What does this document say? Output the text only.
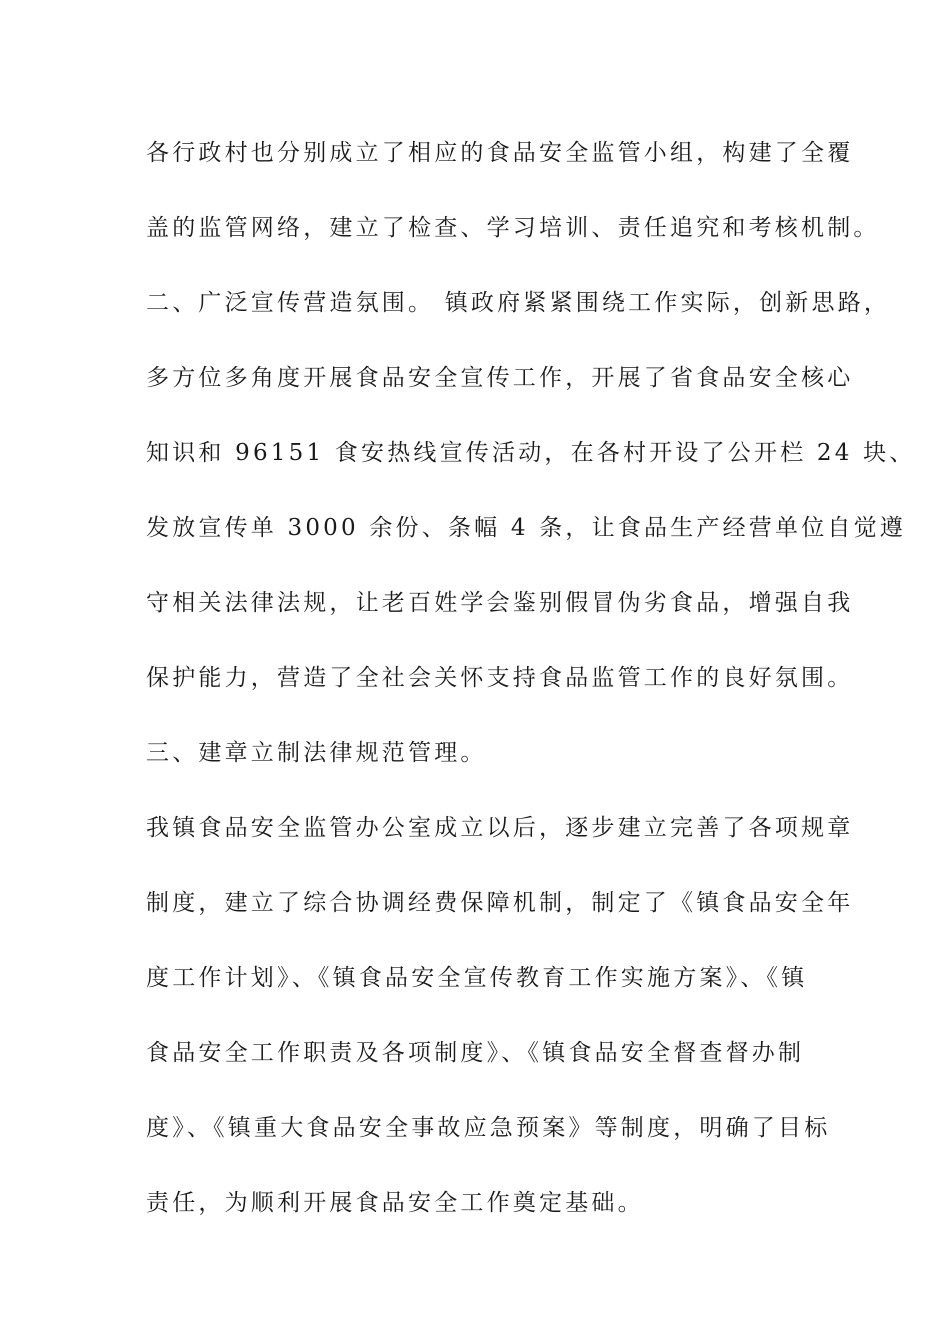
各行政村也分别成立了相应的食品安全监管小组，构建了全覆
盖的监管网络，建立了检查、学习培训、责任追究和考核机制。
二、广泛宣传营造氛围。 镇政府紧紧围绕工作实际，创新思路，
多方位多角度开展食品安全宣传工作，开展了省食品安全核心
知识和 96151 食安热线宣传活动，在各村开设了公开栏 24 块、
发放宣传单 3000 余份、条幅 4 条，让食品生产经营单位自觉遵
守相关法律法规，让老百姓学会鉴别假冒伪劣食品，增强自我
保护能力，营造了全社会关怀支持食品监管工作的良好氛围。
三、建章立制法律规范管理。
我镇食品安全监管办公室成立以后，逐步建立完善了各项规章
制度，建立了综合协调经费保障机制，制定了《镇食品安全年
度工作计划》、《镇食品安全宣传教育工作实施方案》、《镇
食品安全工作职责及各项制度》、《镇食品安全督查督办制
度》、《镇重大食品安全事故应急预案》等制度，明确了目标
责任，为顺利开展食品安全工作奠定基础。
